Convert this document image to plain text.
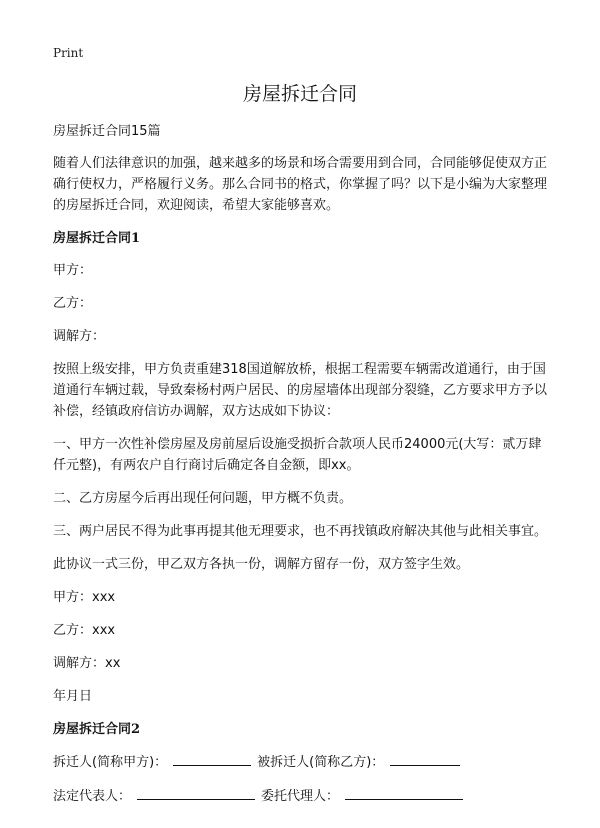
Print
房屋拆迁合同
房屋拆迁合同15篇
随着人们法律意识的加强，越来越多的场景和场合需要用到合同，合同能够促使双方正确行使权力，严格履行义务。那么合同书的格式，你掌握了吗？以下是小编为大家整理的房屋拆迁合同，欢迎阅读，希望大家能够喜欢。
房屋拆迁合同1
甲方：
乙方：
调解方：
按照上级安排，甲方负责重建318国道解放桥，根据工程需要车辆需改道通行，由于国道通行车辆过载，导致秦杨村两户居民、的房屋墙体出现部分裂缝，乙方要求甲方予以补偿，经镇政府信访办调解，双方达成如下协议：
一、甲方一次性补偿房屋及房前屋后设施受损折合款项人民币24000元(大写：贰万肆仟元整)，有两农户自行商讨后确定各自金额，即xx。
二、乙方房屋今后再出现任何问题，甲方概不负责。
三、两户居民不得为此事再提其他无理要求，也不再找镇政府解决其他与此相关事宜。
此协议一式三份，甲乙双方各执一份，调解方留存一份，双方签字生效。
甲方：xxx
乙方：xxx
调解方：xx
年月日
房屋拆迁合同2
拆迁人(简称甲方)：	被拆迁人(简称乙方)：
法定代表人：	委托代理人：
